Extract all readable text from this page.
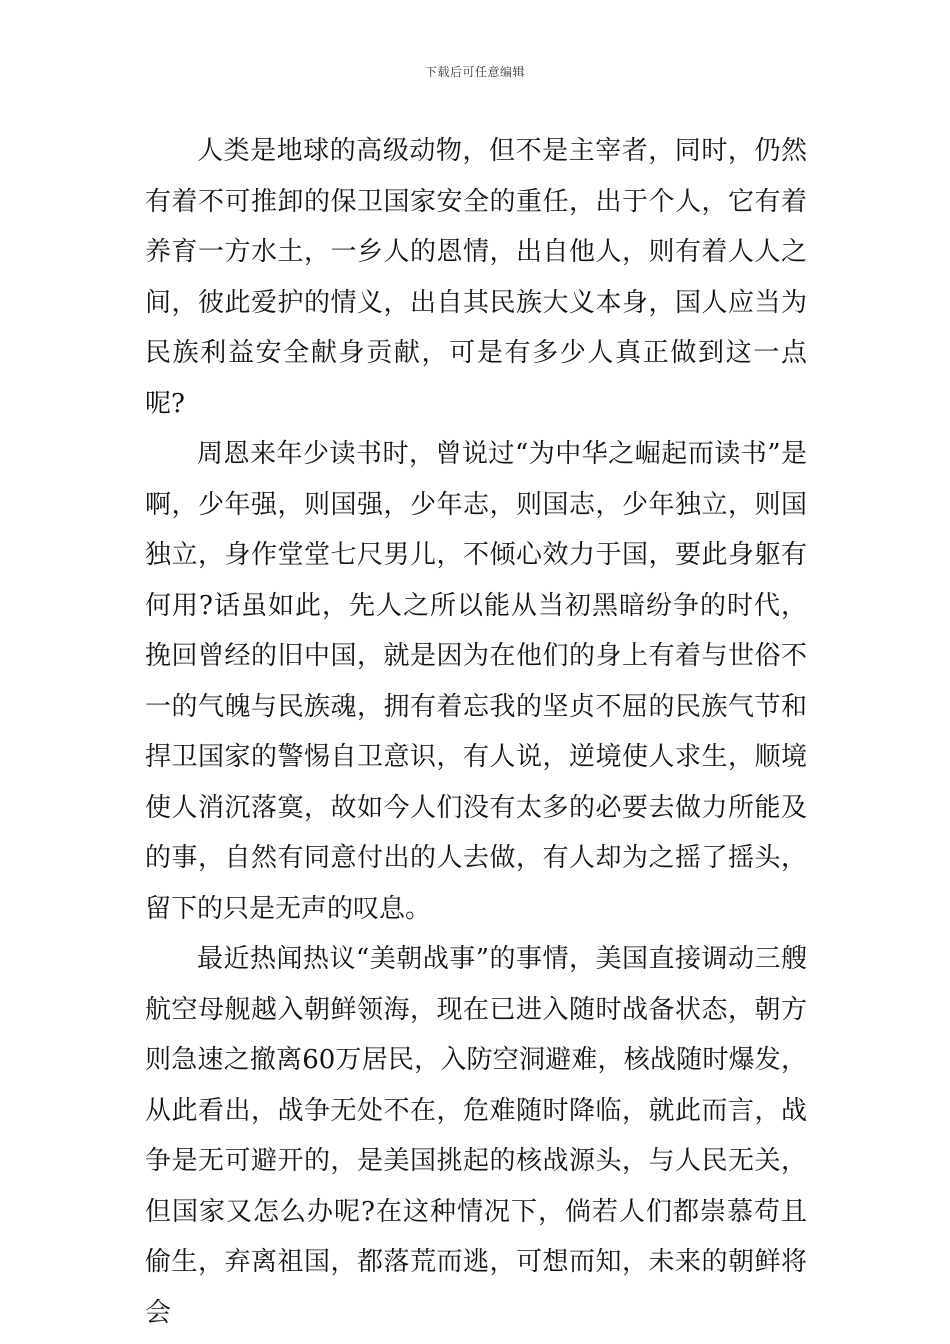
下载后可任意编辑

人类是地球的高级动物，但不是主宰者，同时，仍然有着不可推卸的保卫国家安全的重任，出于个人，它有着养育一方水土，一乡人的恩情，出自他人，则有着人人之间，彼此爱护的情义，出自其民族大义本身，国人应当为民族利益安全献身贡献，可是有多少人真正做到这一点呢?

周恩来年少读书时，曾说过“为中华之崛起而读书”是啊，少年强，则国强，少年志，则国志，少年独立，则国独立，身作堂堂七尺男儿，不倾心效力于国，要此身躯有何用?话虽如此，先人之所以能从当初黑暗纷争的时代，挽回曾经的旧中国，就是因为在他们的身上有着与世俗不一的气魄与民族魂，拥有着忘我的坚贞不屈的民族气节和捍卫国家的警惕自卫意识，有人说，逆境使人求生，顺境使人消沉落寞，故如今人们没有太多的必要去做力所能及的事，自然有同意付出的人去做，有人却为之摇了摇头，留下的只是无声的叹息。

最近热闻热议“美朝战事”的事情，美国直接调动三艘航空母舰越入朝鲜领海，现在已进入随时战备状态，朝方则急速之撤离60万居民，入防空洞避难，核战随时爆发，从此看出，战争无处不在，危难随时降临，就此而言，战争是无可避开的，是美国挑起的核战源头，与人民无关，但国家又怎么办呢?在这种情况下，倘若人们都崇慕苟且偷生，弃离祖国，都落荒而逃，可想而知，未来的朝鲜将会
